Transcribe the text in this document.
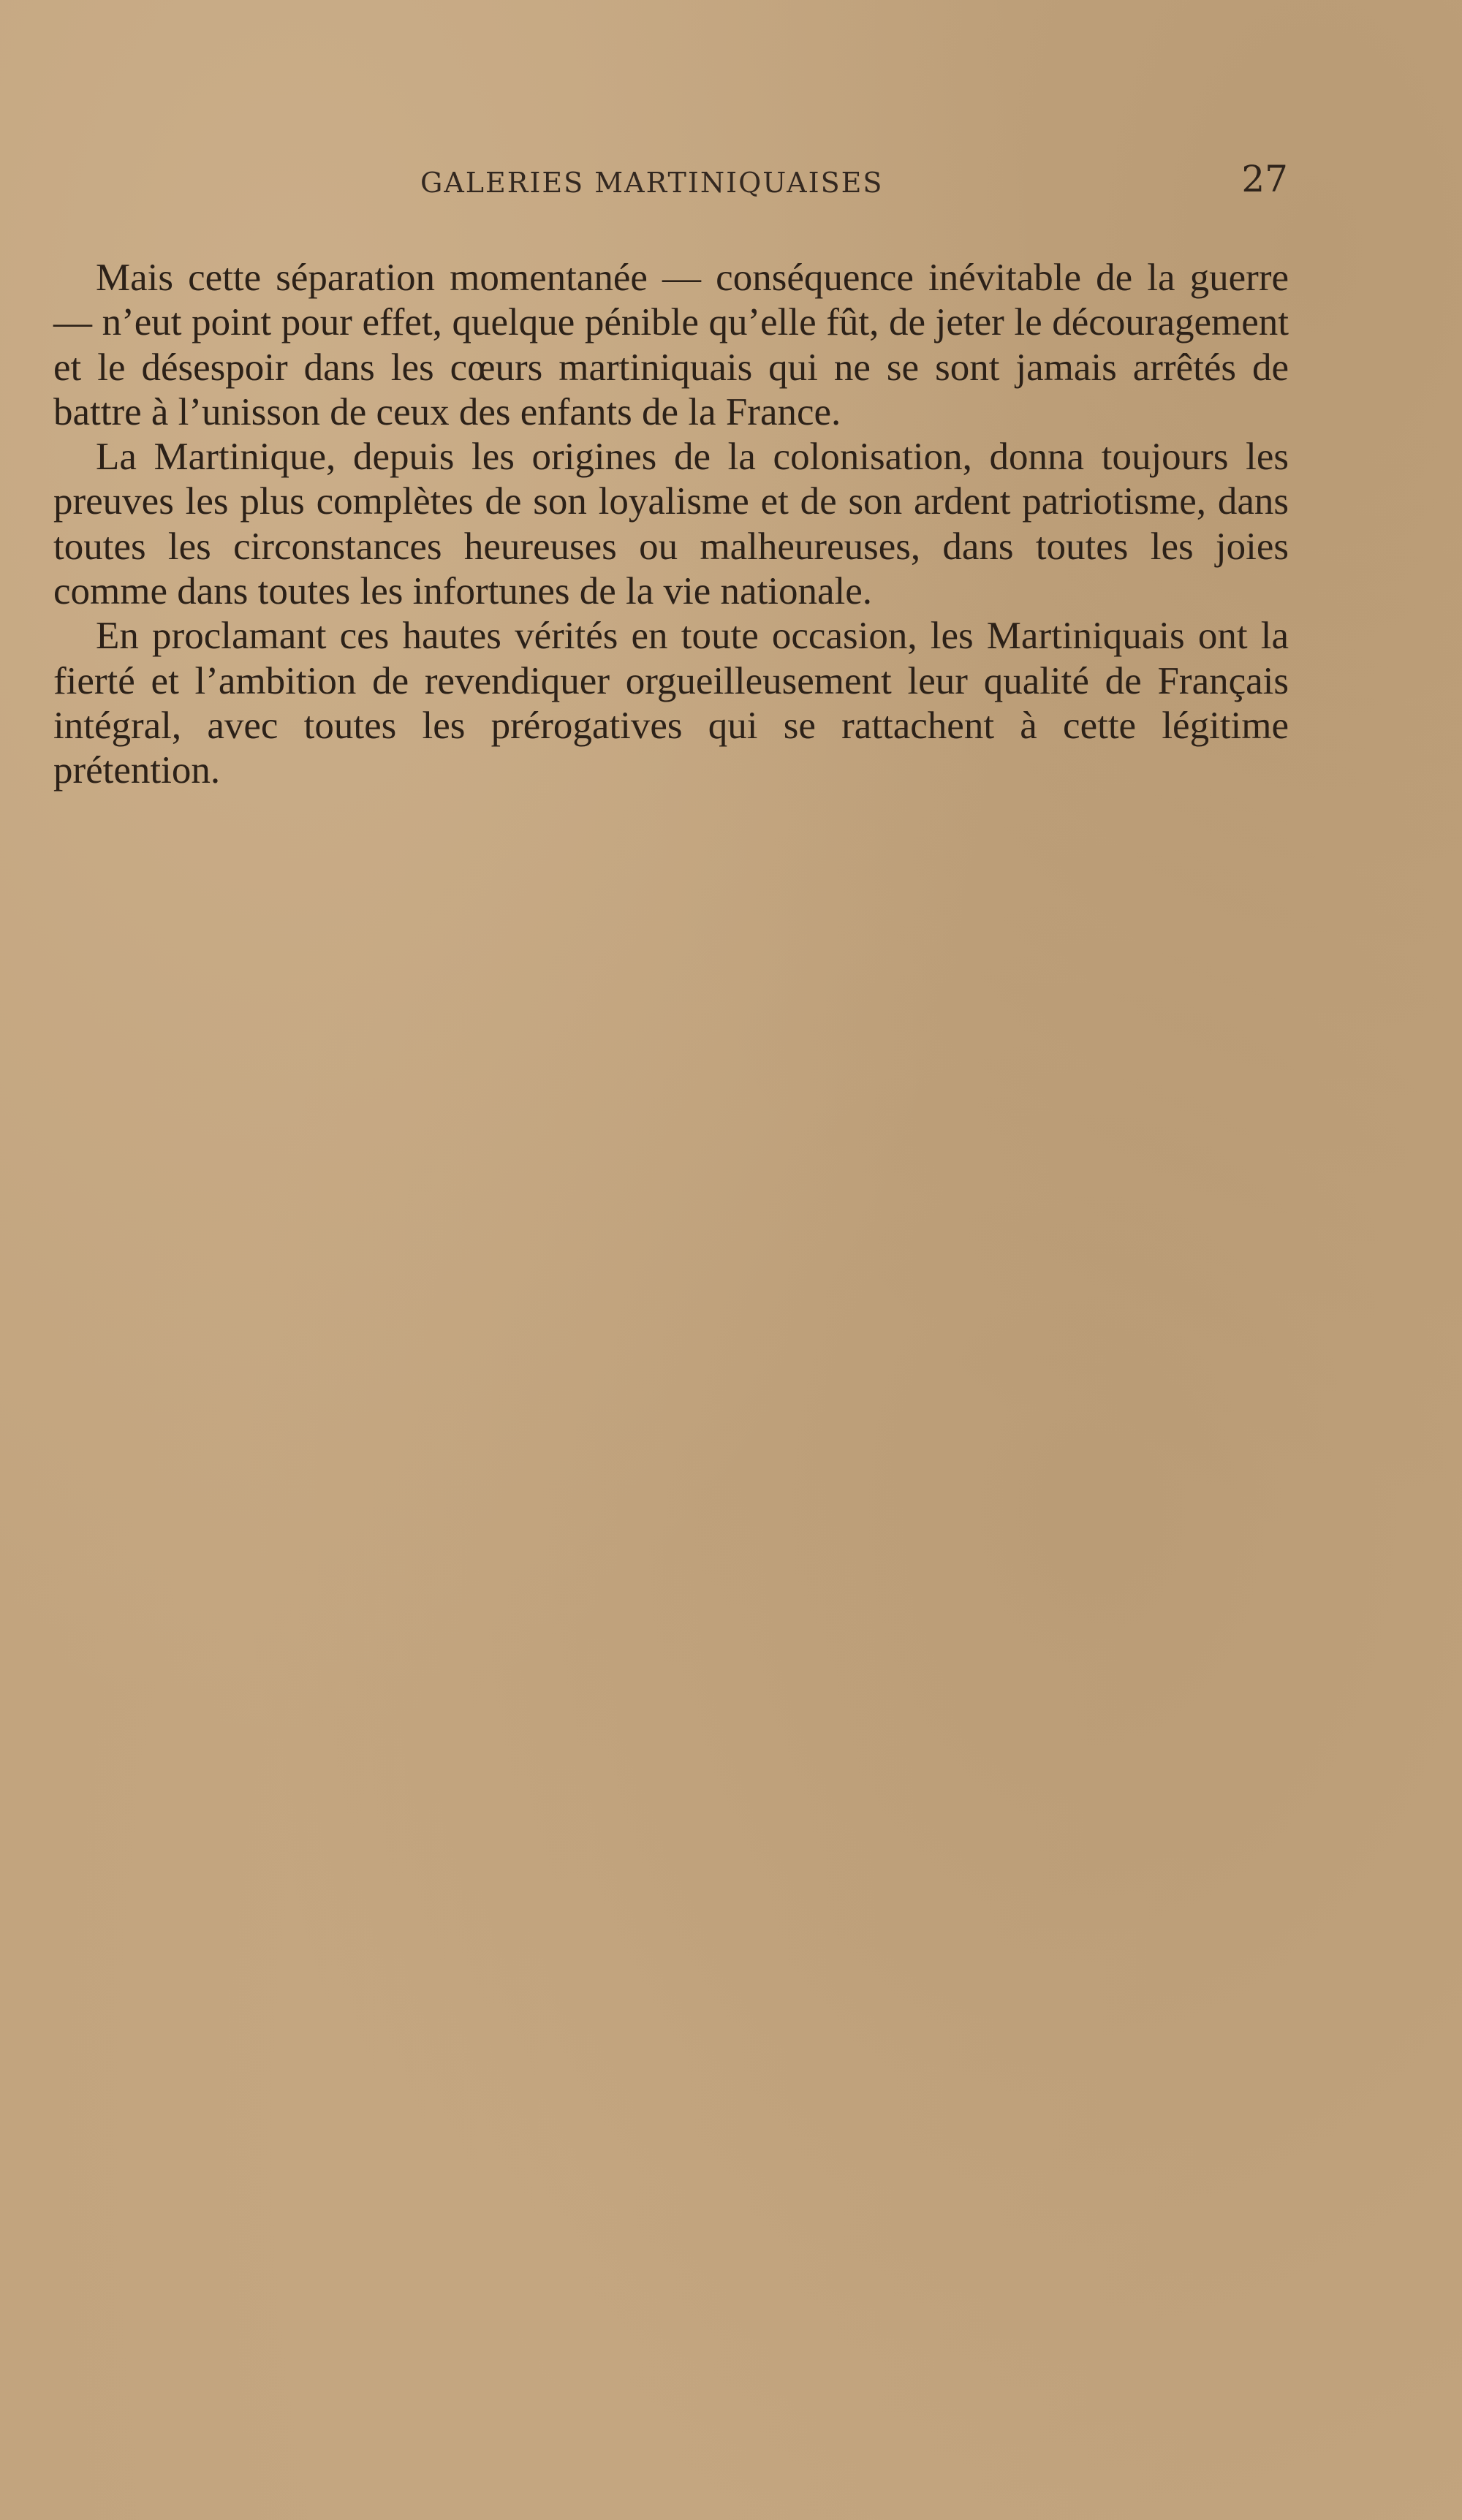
GALERIES MARTINIQUAISES	27

Mais cette séparation momentanée — conséquence inévitable de la guerre — n’eut point pour effet, quelque pénible qu’elle fût, de jeter le découragement et le désespoir dans les cœurs martiniquais qui ne se sont jamais arrêtés de battre à l’unisson de ceux des enfants de la France.

La Martinique, depuis les origines de la colonisation, donna toujours les preuves les plus complètes de son loyalisme et de son ardent patriotisme, dans toutes les circonstances heureuses ou malheureuses, dans toutes les joies comme dans toutes les infortunes de la vie nationale.

En proclamant ces hautes vérités en toute occasion, les Martiniquais ont la fierté et l’ambition de revendiquer orgueilleusement leur qualité de Français intégral, avec toutes les prérogatives qui se rattachent à cette légitime prétention.
